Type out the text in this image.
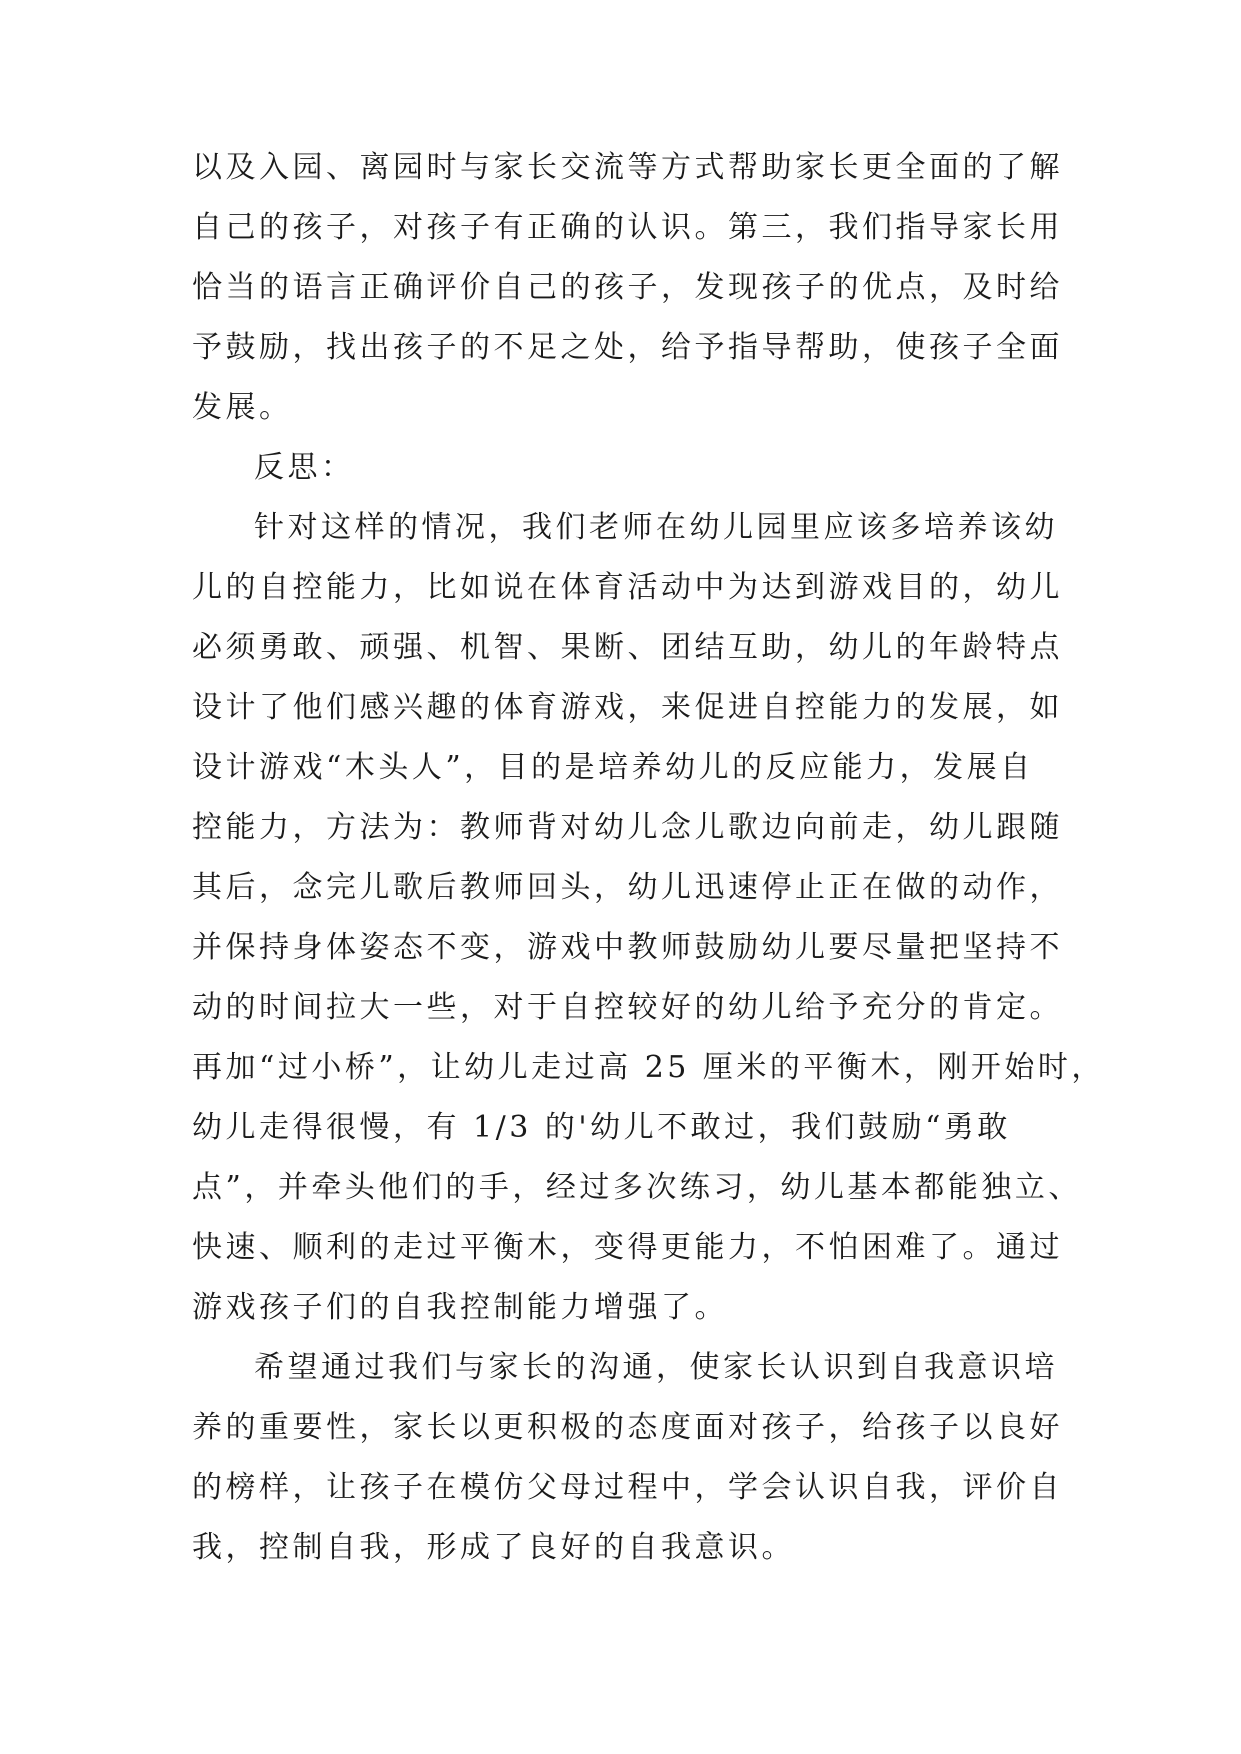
以及入园、离园时与家长交流等方式帮助家长更全面的了解
自己的孩子，对孩子有正确的认识。第三，我们指导家长用
恰当的语言正确评价自己的孩子，发现孩子的优点，及时给
予鼓励，找出孩子的不足之处，给予指导帮助，使孩子全面
发展。
反思：
针对这样的情况，我们老师在幼儿园里应该多培养该幼
儿的自控能力，比如说在体育活动中为达到游戏目的，幼儿
必须勇敢、顽强、机智、果断、团结互助，幼儿的年龄特点
设计了他们感兴趣的体育游戏，来促进自控能力的发展，如
设计游戏“木头人”，目的是培养幼儿的反应能力，发展自
控能力，方法为：教师背对幼儿念儿歌边向前走，幼儿跟随
其后，念完儿歌后教师回头，幼儿迅速停止正在做的动作，
并保持身体姿态不变，游戏中教师鼓励幼儿要尽量把坚持不
动的时间拉大一些，对于自控较好的幼儿给予充分的肯定。
再加“过小桥”，让幼儿走过高 25 厘米的平衡木，刚开始时，
幼儿走得很慢，有 1/3 的'幼儿不敢过，我们鼓励“勇敢
点”，并牵头他们的手，经过多次练习，幼儿基本都能独立、
快速、顺利的走过平衡木，变得更能力，不怕困难了。通过
游戏孩子们的自我控制能力增强了。
希望通过我们与家长的沟通，使家长认识到自我意识培
养的重要性，家长以更积极的态度面对孩子，给孩子以良好
的榜样，让孩子在模仿父母过程中，学会认识自我，评价自
我，控制自我，形成了良好的自我意识。
